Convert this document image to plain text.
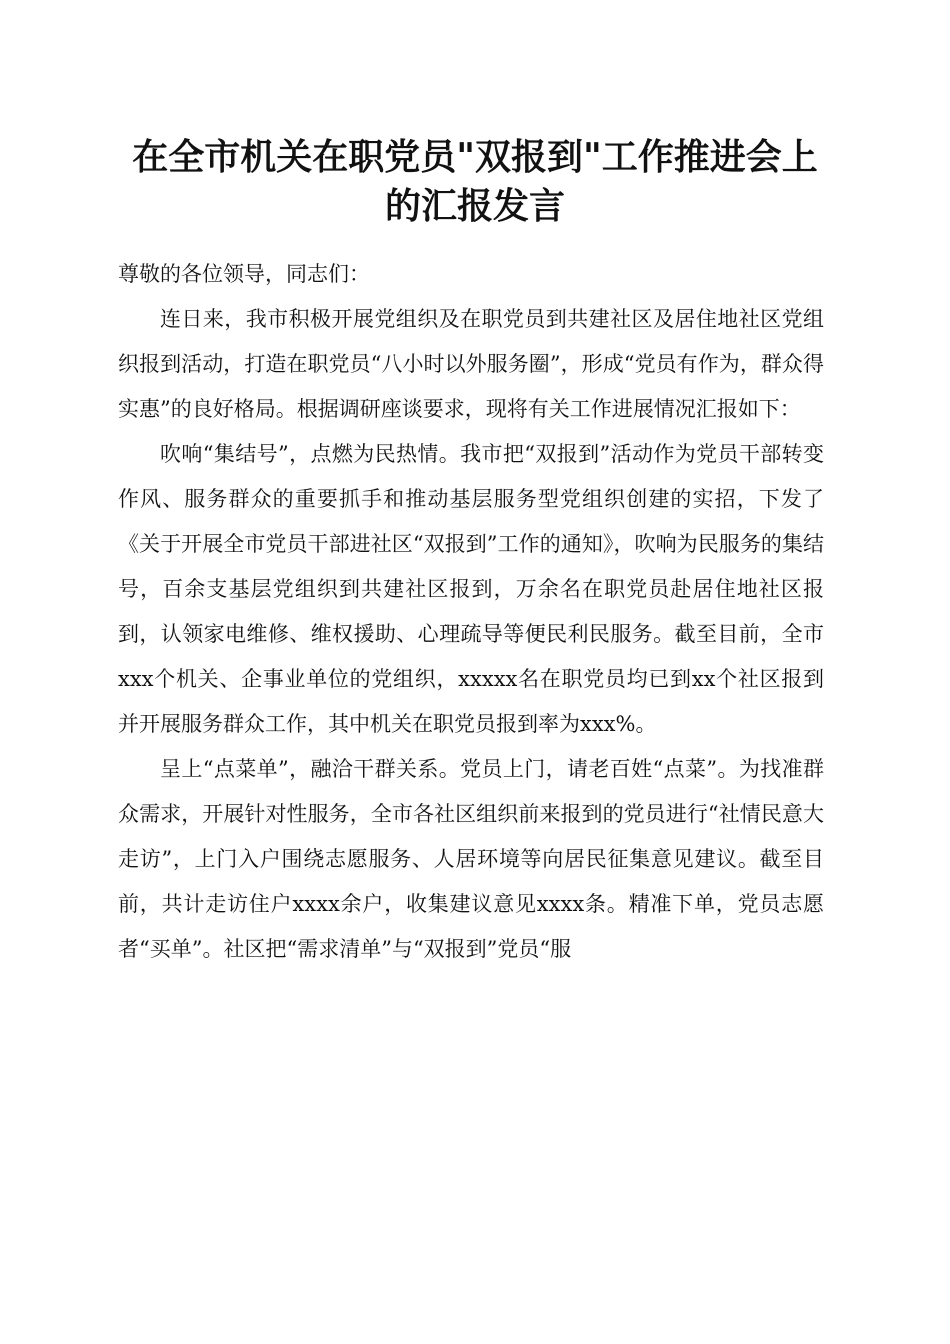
在全市机关在职党员"双报到"工作推进会上
的汇报发言

尊敬的各位领导，同志们：

连日来，我市积极开展党组织及在职党员到共建社区及居住地社区党组织报到活动，打造在职党员“八小时以外服务圈”，形成“党员有作为，群众得实惠”的良好格局。根据调研座谈要求，现将有关工作进展情况汇报如下：

吹响“集结号”，点燃为民热情。我市把“双报到”活动作为党员干部转变作风、服务群众的重要抓手和推动基层服务型党组织创建的实招，下发了《关于开展全市党员干部进社区“双报到”工作的通知》，吹响为民服务的集结号，百余支基层党组织到共建社区报到，万余名在职党员赴居住地社区报到，认领家电维修、维权援助、心理疏导等便民利民服务。截至目前，全市xxx个机关、企事业单位的党组织，xxxxx名在职党员均已到xx个社区报到并开展服务群众工作，其中机关在职党员报到率为xxx%。

呈上“点菜单”，融洽干群关系。党员上门，请老百姓“点菜”。为找准群众需求，开展针对性服务，全市各社区组织前来报到的党员进行“社情民意大走访”，上门入户围绕志愿服务、人居环境等向居民征集意见建议。截至目前，共计走访住户xxxx余户，收集建议意见xxxx条。精准下单，党员志愿者“买单”。社区把“需求清单”与“双报到”党员“服
